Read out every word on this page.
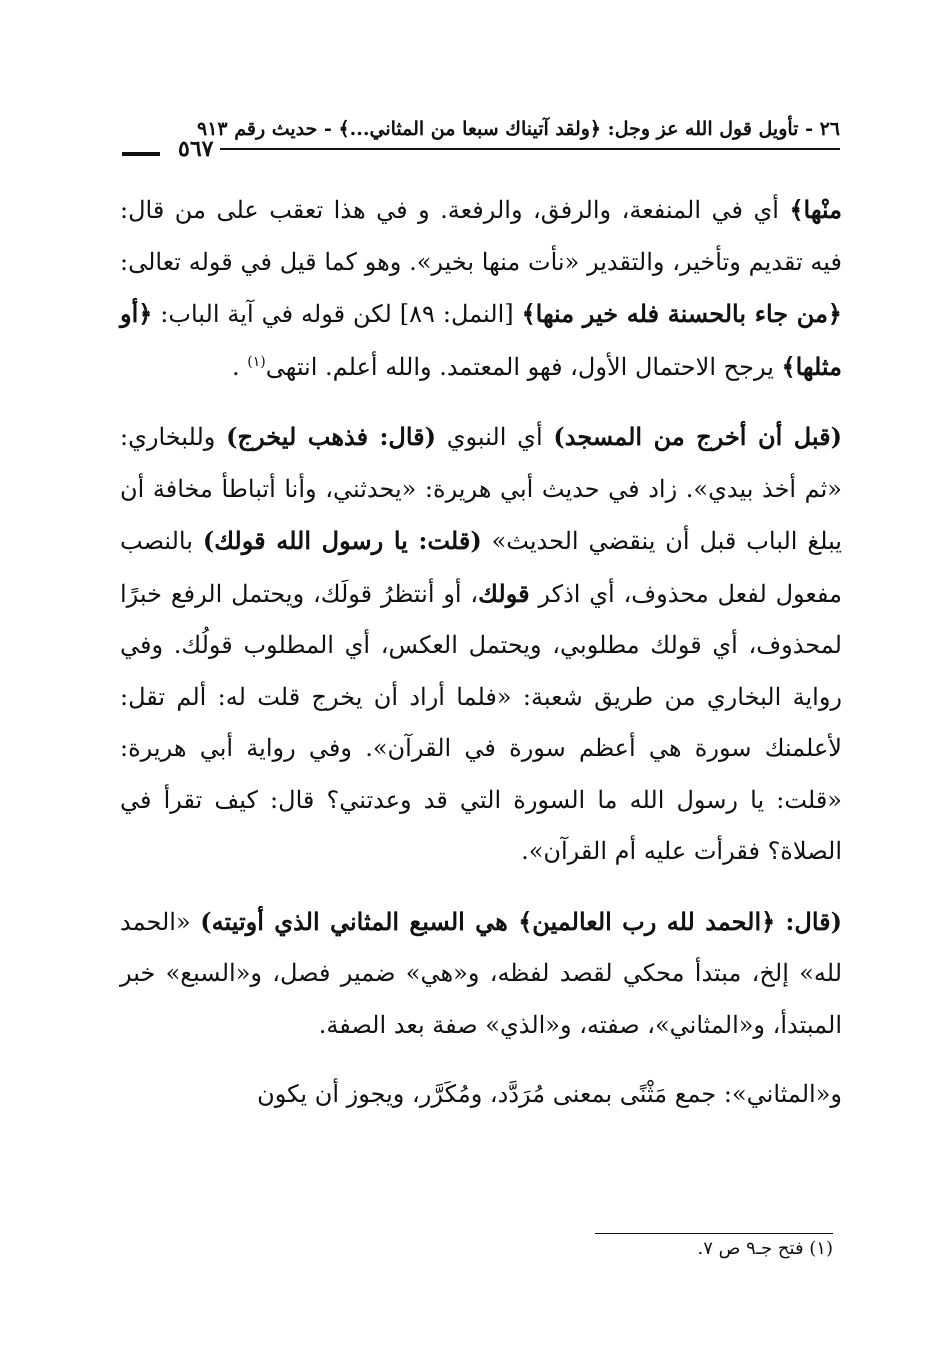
٢٦ - تأويل قول الله عز وجل: ﴿ولقد آتيناك سبعا من المثاني...﴾ - حديث رقم ٩١٣
٥٦٧

منْها﴾ أي في المنفعة، والرفق، والرفعة. و في هذا تعقب على من قال: فيه تقديم وتأخير، والتقدير «نأت منها بخير». وهو كما قيل في قوله تعالى: ﴿من جاء بالحسنة فله خير منها﴾ [النمل: ٨٩] لكن قوله في آية الباب: ﴿أو مثلها﴾ يرجح الاحتمال الأول، فهو المعتمد. والله أعلم. انتهى$^{(١)}$ .

(قبل أن أخرج من المسجد) أي النبوي (قال: فذهب ليخرج) وللبخاري: «ثم أخذ بيدي». زاد في حديث أبي هريرة: «يحدثني، وأنا أتباطأ مخافة أن يبلغ الباب قبل أن ينقضي الحديث» (قلت: يا رسول الله قولك) بالنصب مفعول لفعل محذوف، أي اذكر قولك، أو أنتظرُ قولَك، ويحتمل الرفع خبرًا لمحذوف، أي قولك مطلوبي، ويحتمل العكس، أي المطلوب قولُك. وفي رواية البخاري من طريق شعبة: «فلما أراد أن يخرج قلت له: ألم تقل: لأعلمنك سورة هي أعظم سورة في القرآن». وفي رواية أبي هريرة: «قلت: يا رسول الله ما السورة التي قد وعدتني؟ قال: كيف تقرأ في الصلاة؟ فقرأت عليه أم القرآن».

(قال: ﴿الحمد لله رب العالمين﴾ هي السبع المثاني الذي أوتيته) «الحمد لله» إلخ، مبتدأ محكي لقصد لفظه، و«هي» ضمير فصل، و«السبع» خبر المبتدأ، و«المثاني»، صفته، و«الذي» صفة بعد الصفة.

و«المثاني»: جمع مَثْنًى بمعنى مُرَدَّد، ومُكَرَّر، ويجوز أن يكون

(١) فتح جـ٩ ص ٧.
